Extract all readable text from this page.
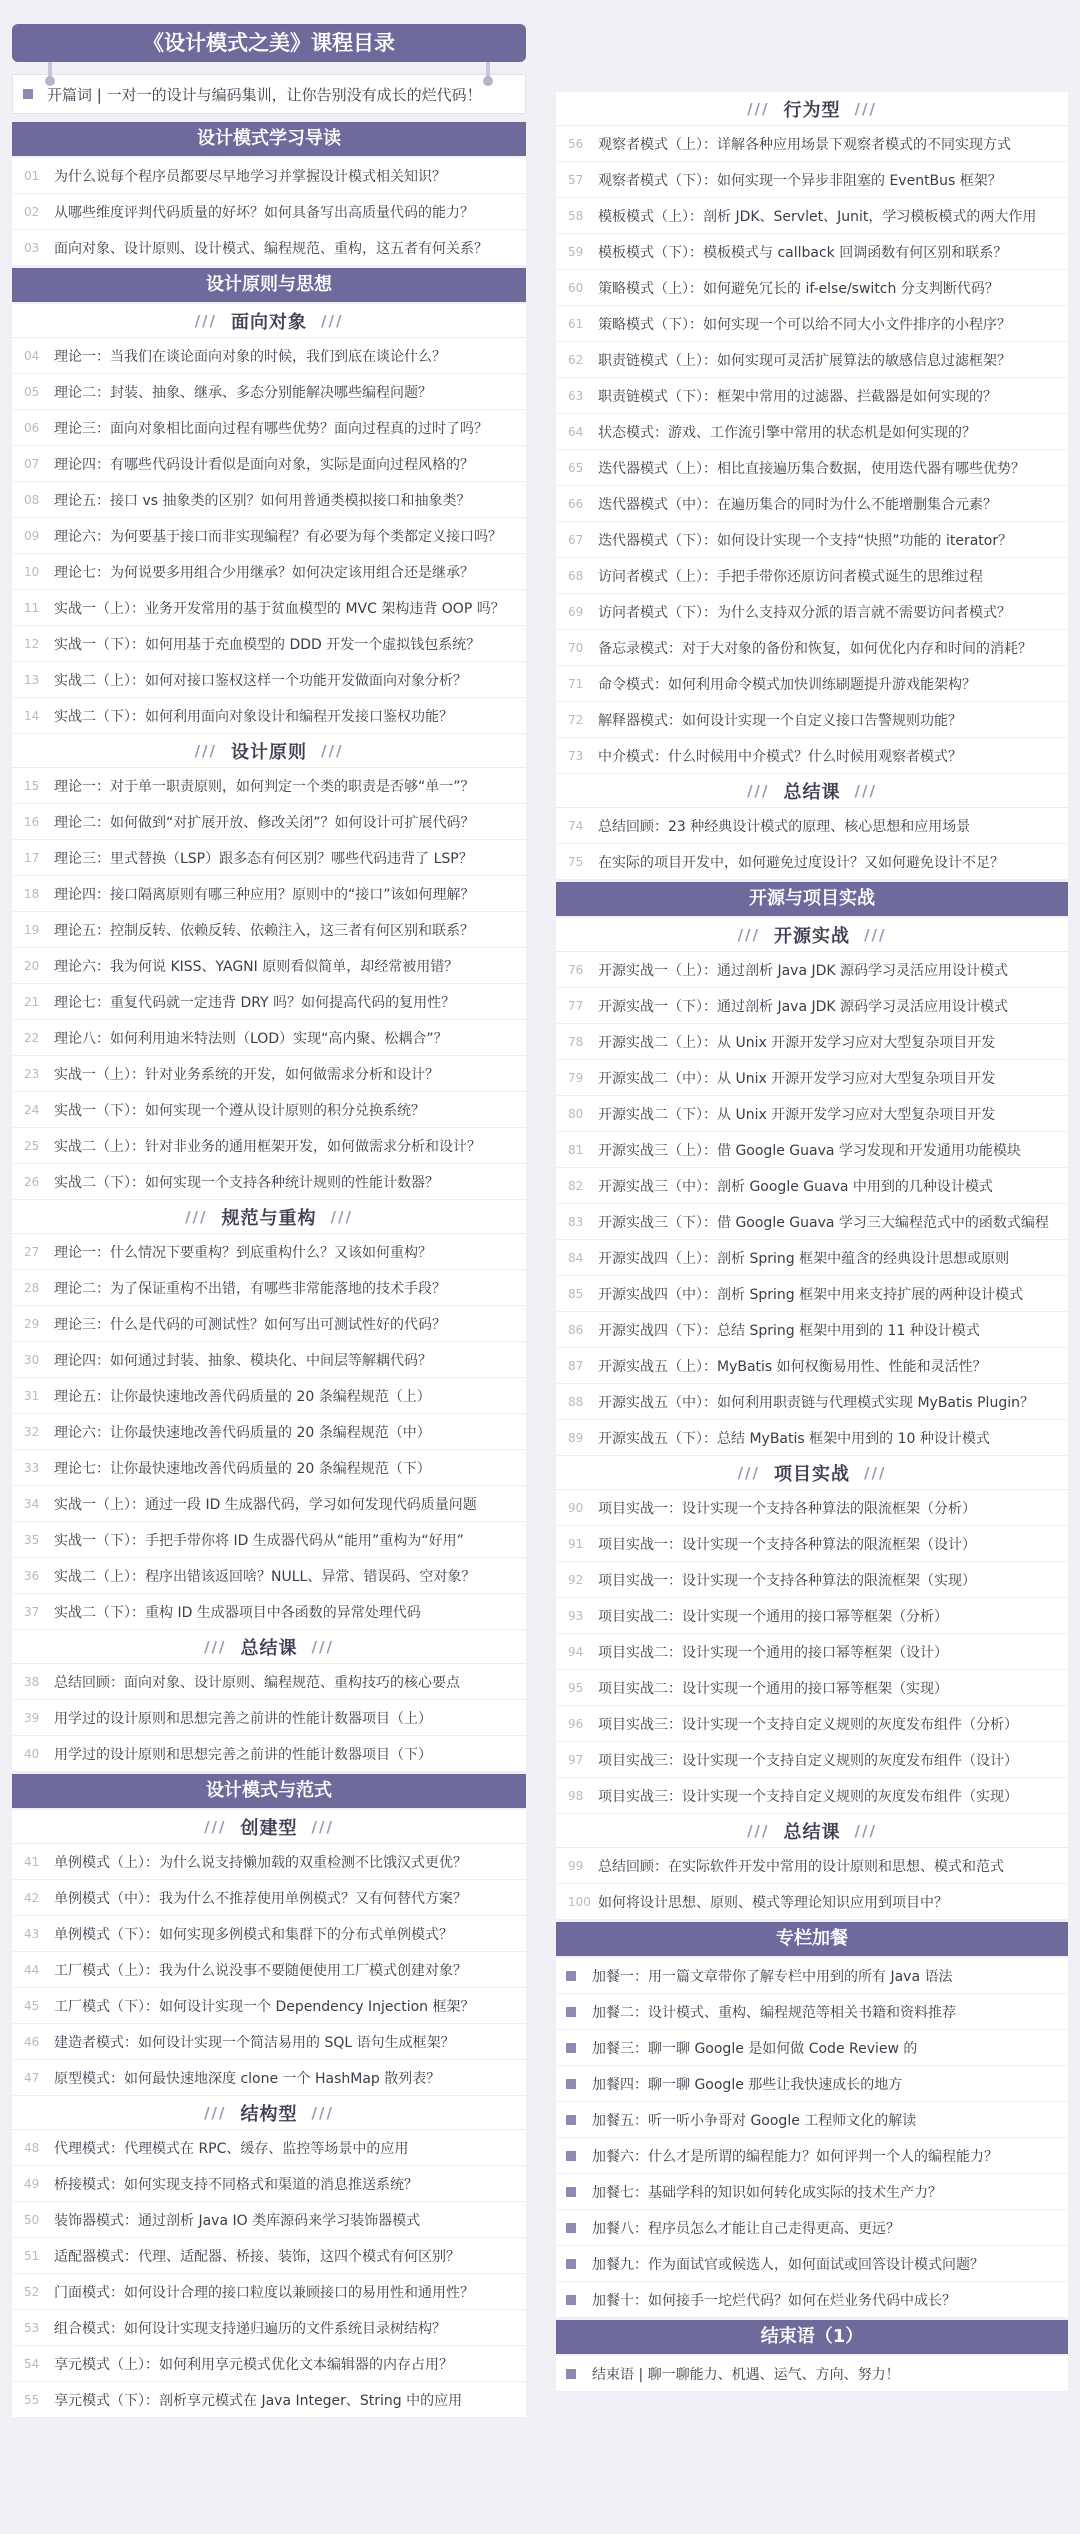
《设计模式之美》课程目录
开篇词 | 一对一的设计与编码集训，让你告别没有成长的烂代码！
设计模式学习导读
01	为什么说每个程序员都要尽早地学习并掌握设计模式相关知识？
02	从哪些维度评判代码质量的好坏？如何具备写出高质量代码的能力？
03	面向对象、设计原则、设计模式、编程规范、重构，这五者有何关系？
设计原则与思想
/// 面向对象 ///
04	理论一：当我们在谈论面向对象的时候，我们到底在谈论什么？
05	理论二：封装、抽象、继承、多态分别能解决哪些编程问题？
06	理论三：面向对象相比面向过程有哪些优势？面向过程真的过时了吗？
07	理论四：有哪些代码设计看似是面向对象，实际是面向过程风格的？
08	理论五：接口 vs 抽象类的区别？如何用普通类模拟接口和抽象类？
09	理论六：为何要基于接口而非实现编程？有必要为每个类都定义接口吗？
10	理论七：为何说要多用组合少用继承？如何决定该用组合还是继承？
11	实战一（上）：业务开发常用的基于贫血模型的 MVC 架构违背 OOP 吗？
12	实战一（下）：如何用基于充血模型的 DDD 开发一个虚拟钱包系统？
13	实战二（上）：如何对接口鉴权这样一个功能开发做面向对象分析？
14	实战二（下）：如何利用面向对象设计和编程开发接口鉴权功能？
/// 设计原则 ///
15	理论一：对于单一职责原则，如何判定一个类的职责是否够“单一”？
16	理论二：如何做到“对扩展开放、修改关闭”？如何设计可扩展代码？
17	理论三：里式替换（LSP）跟多态有何区别？哪些代码违背了 LSP？
18	理论四：接口隔离原则有哪三种应用？原则中的“接口”该如何理解？
19	理论五：控制反转、依赖反转、依赖注入，这三者有何区别和联系？
20	理论六：我为何说 KISS、YAGNI 原则看似简单，却经常被用错？
21	理论七：重复代码就一定违背 DRY 吗？如何提高代码的复用性？
22	理论八：如何利用迪米特法则（LOD）实现“高内聚、松耦合”？
23	实战一（上）：针对业务系统的开发，如何做需求分析和设计？
24	实战一（下）：如何实现一个遵从设计原则的积分兑换系统？
25	实战二（上）：针对非业务的通用框架开发，如何做需求分析和设计？
26	实战二（下）：如何实现一个支持各种统计规则的性能计数器？
/// 规范与重构 ///
27	理论一：什么情况下要重构？到底重构什么？又该如何重构？
28	理论二：为了保证重构不出错，有哪些非常能落地的技术手段？
29	理论三：什么是代码的可测试性？如何写出可测试性好的代码？
30	理论四：如何通过封装、抽象、模块化、中间层等解耦代码？
31	理论五：让你最快速地改善代码质量的 20 条编程规范（上）
32	理论六：让你最快速地改善代码质量的 20 条编程规范（中）
33	理论七：让你最快速地改善代码质量的 20 条编程规范（下）
34	实战一（上）：通过一段 ID 生成器代码，学习如何发现代码质量问题
35	实战一（下）：手把手带你将 ID 生成器代码从“能用”重构为“好用”
36	实战二（上）：程序出错该返回啥？NULL、异常、错误码、空对象？
37	实战二（下）：重构 ID 生成器项目中各函数的异常处理代码
/// 总结课 ///
38	总结回顾：面向对象、设计原则、编程规范、重构技巧的核心要点
39	用学过的设计原则和思想完善之前讲的性能计数器项目（上）
40	用学过的设计原则和思想完善之前讲的性能计数器项目（下）
设计模式与范式
/// 创建型 ///
41	单例模式（上）：为什么说支持懒加载的双重检测不比饿汉式更优？
42	单例模式（中）：我为什么不推荐使用单例模式？又有何替代方案？
43	单例模式（下）：如何实现多例模式和集群下的分布式单例模式？
44	工厂模式（上）：我为什么说没事不要随便使用工厂模式创建对象？
45	工厂模式（下）：如何设计实现一个 Dependency Injection 框架？
46	建造者模式：如何设计实现一个简洁易用的 SQL 语句生成框架？
47	原型模式：如何最快速地深度 clone 一个 HashMap 散列表？
/// 结构型 ///
48	代理模式：代理模式在 RPC、缓存、监控等场景中的应用
49	桥接模式：如何实现支持不同格式和渠道的消息推送系统？
50	装饰器模式：通过剖析 Java IO 类库源码来学习装饰器模式
51	适配器模式：代理、适配器、桥接、装饰，这四个模式有何区别？
52	门面模式：如何设计合理的接口粒度以兼顾接口的易用性和通用性？
53	组合模式：如何设计实现支持递归遍历的文件系统目录树结构？
54	享元模式（上）：如何利用享元模式优化文本编辑器的内存占用？
55	享元模式（下）：剖析享元模式在 Java Integer、String 中的应用
/// 行为型 ///
56	观察者模式（上）：详解各种应用场景下观察者模式的不同实现方式
57	观察者模式（下）：如何实现一个异步非阻塞的 EventBus 框架？
58	模板模式（上）：剖析 JDK、Servlet、Junit，学习模板模式的两大作用
59	模板模式（下）：模板模式与 callback 回调函数有何区别和联系？
60	策略模式（上）：如何避免冗长的 if-else/switch 分支判断代码？
61	策略模式（下）：如何实现一个可以给不同大小文件排序的小程序？
62	职责链模式（上）：如何实现可灵活扩展算法的敏感信息过滤框架？
63	职责链模式（下）：框架中常用的过滤器、拦截器是如何实现的？
64	状态模式：游戏、工作流引擎中常用的状态机是如何实现的？
65	迭代器模式（上）：相比直接遍历集合数据，使用迭代器有哪些优势？
66	迭代器模式（中）：在遍历集合的同时为什么不能增删集合元素？
67	迭代器模式（下）：如何设计实现一个支持“快照”功能的 iterator？
68	访问者模式（上）：手把手带你还原访问者模式诞生的思维过程
69	访问者模式（下）：为什么支持双分派的语言就不需要访问者模式？
70	备忘录模式：对于大对象的备份和恢复，如何优化内存和时间的消耗？
71	命令模式：如何利用命令模式加快训练刷题提升游戏能架构？
72	解释器模式：如何设计实现一个自定义接口告警规则功能？
73	中介模式：什么时候用中介模式？什么时候用观察者模式？
/// 总结课 ///
74	总结回顾：23 种经典设计模式的原理、核心思想和应用场景
75	在实际的项目开发中，如何避免过度设计？又如何避免设计不足？
开源与项目实战
/// 开源实战 ///
76	开源实战一（上）：通过剖析 Java JDK 源码学习灵活应用设计模式
77	开源实战一（下）：通过剖析 Java JDK 源码学习灵活应用设计模式
78	开源实战二（上）：从 Unix 开源开发学习应对大型复杂项目开发
79	开源实战二（中）：从 Unix 开源开发学习应对大型复杂项目开发
80	开源实战二（下）：从 Unix 开源开发学习应对大型复杂项目开发
81	开源实战三（上）：借 Google Guava 学习发现和开发通用功能模块
82	开源实战三（中）：剖析 Google Guava 中用到的几种设计模式
83	开源实战三（下）：借 Google Guava 学习三大编程范式中的函数式编程
84	开源实战四（上）：剖析 Spring 框架中蕴含的经典设计思想或原则
85	开源实战四（中）：剖析 Spring 框架中用来支持扩展的两种设计模式
86	开源实战四（下）：总结 Spring 框架中用到的 11 种设计模式
87	开源实战五（上）：MyBatis 如何权衡易用性、性能和灵活性？
88	开源实战五（中）：如何利用职责链与代理模式实现 MyBatis Plugin？
89	开源实战五（下）：总结 MyBatis 框架中用到的 10 种设计模式
/// 项目实战 ///
90	项目实战一：设计实现一个支持各种算法的限流框架（分析）
91	项目实战一：设计实现一个支持各种算法的限流框架（设计）
92	项目实战一：设计实现一个支持各种算法的限流框架（实现）
93	项目实战二：设计实现一个通用的接口幂等框架（分析）
94	项目实战二：设计实现一个通用的接口幂等框架（设计）
95	项目实战二：设计实现一个通用的接口幂等框架（实现）
96	项目实战三：设计实现一个支持自定义规则的灰度发布组件（分析）
97	项目实战三：设计实现一个支持自定义规则的灰度发布组件（设计）
98	项目实战三：设计实现一个支持自定义规则的灰度发布组件（实现）
/// 总结课 ///
99	总结回顾：在实际软件开发中常用的设计原则和思想、模式和范式
100 如何将设计思想、原则、模式等理论知识应用到项目中？
专栏加餐
加餐一：用一篇文章带你了解专栏中用到的所有 Java 语法
加餐二：设计模式、重构、编程规范等相关书籍和资料推荐
加餐三：聊一聊 Google 是如何做 Code Review 的
加餐四：聊一聊 Google 那些让我快速成长的地方
加餐五：听一听小争哥对 Google 工程师文化的解读
加餐六：什么才是所谓的编程能力？如何评判一个人的编程能力？
加餐七：基础学科的知识如何转化成实际的技术生产力？
加餐八：程序员怎么才能让自己走得更高、更远？
加餐九：作为面试官或候选人，如何面试或回答设计模式问题？
加餐十：如何接手一坨烂代码？如何在烂业务代码中成长？
结束语（1）
结束语 | 聊一聊能力、机遇、运气、方向、努力！
